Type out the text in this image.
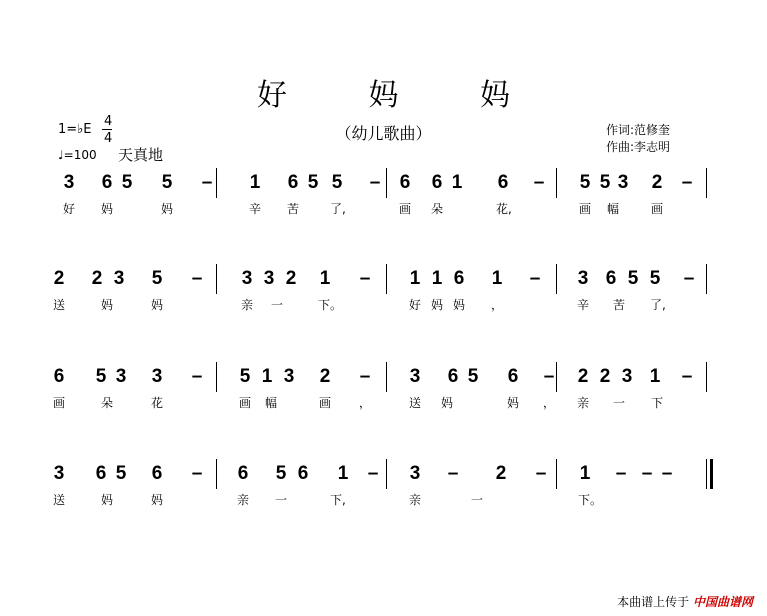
好 妈 妈
（幼儿歌曲）
1=♭E
4
4
♩=100 天真地
作词:范修奎
作曲:李志明
3 6 5 5 – 1 6 5 5 – 6 6 1 6 – 5 5 3 2 –
好 妈	妈	辛 苦	了,	画 朵	花,	画 幅	画
2 2 3 5 – 3 3 2 1 – 1 1 6 1 – 3 6 5 5 –
送	妈	妈	亲 一	下。	好 妈 妈 ，	辛 苦 了,
6 5 3 3 – 5 1 3 2 – 3 6 5 6 – 2 2 3 1 –
画	朵	花	画 幅	画 ，	送 妈	妈 ， 亲 一 下
3 6 5 6 – 6 5 6 1 – 3 – 2 – 1 – – –
送	妈	妈	亲 一	下,	亲	一	下。
本曲谱上传于 中国曲谱网
